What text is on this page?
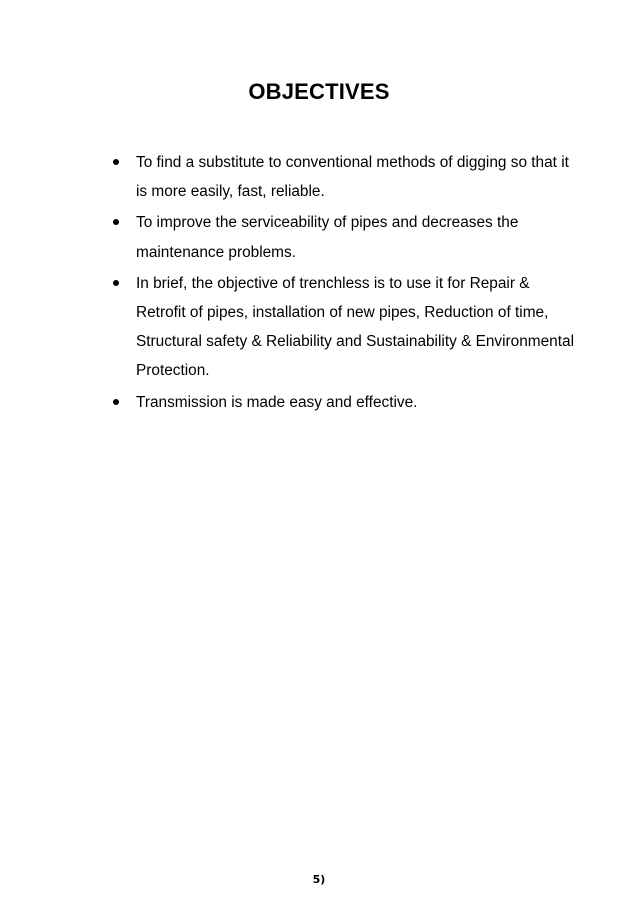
OBJECTIVES
To find a substitute to conventional methods of digging so that it is more easily, fast, reliable.
To improve the serviceability of pipes and decreases the maintenance problems.
In brief, the objective of trenchless is to use it for Repair & Retrofit of pipes, installation of new pipes, Reduction of time, Structural safety & Reliability and Sustainability & Environmental Protection.
Transmission is made easy and effective.
5)
